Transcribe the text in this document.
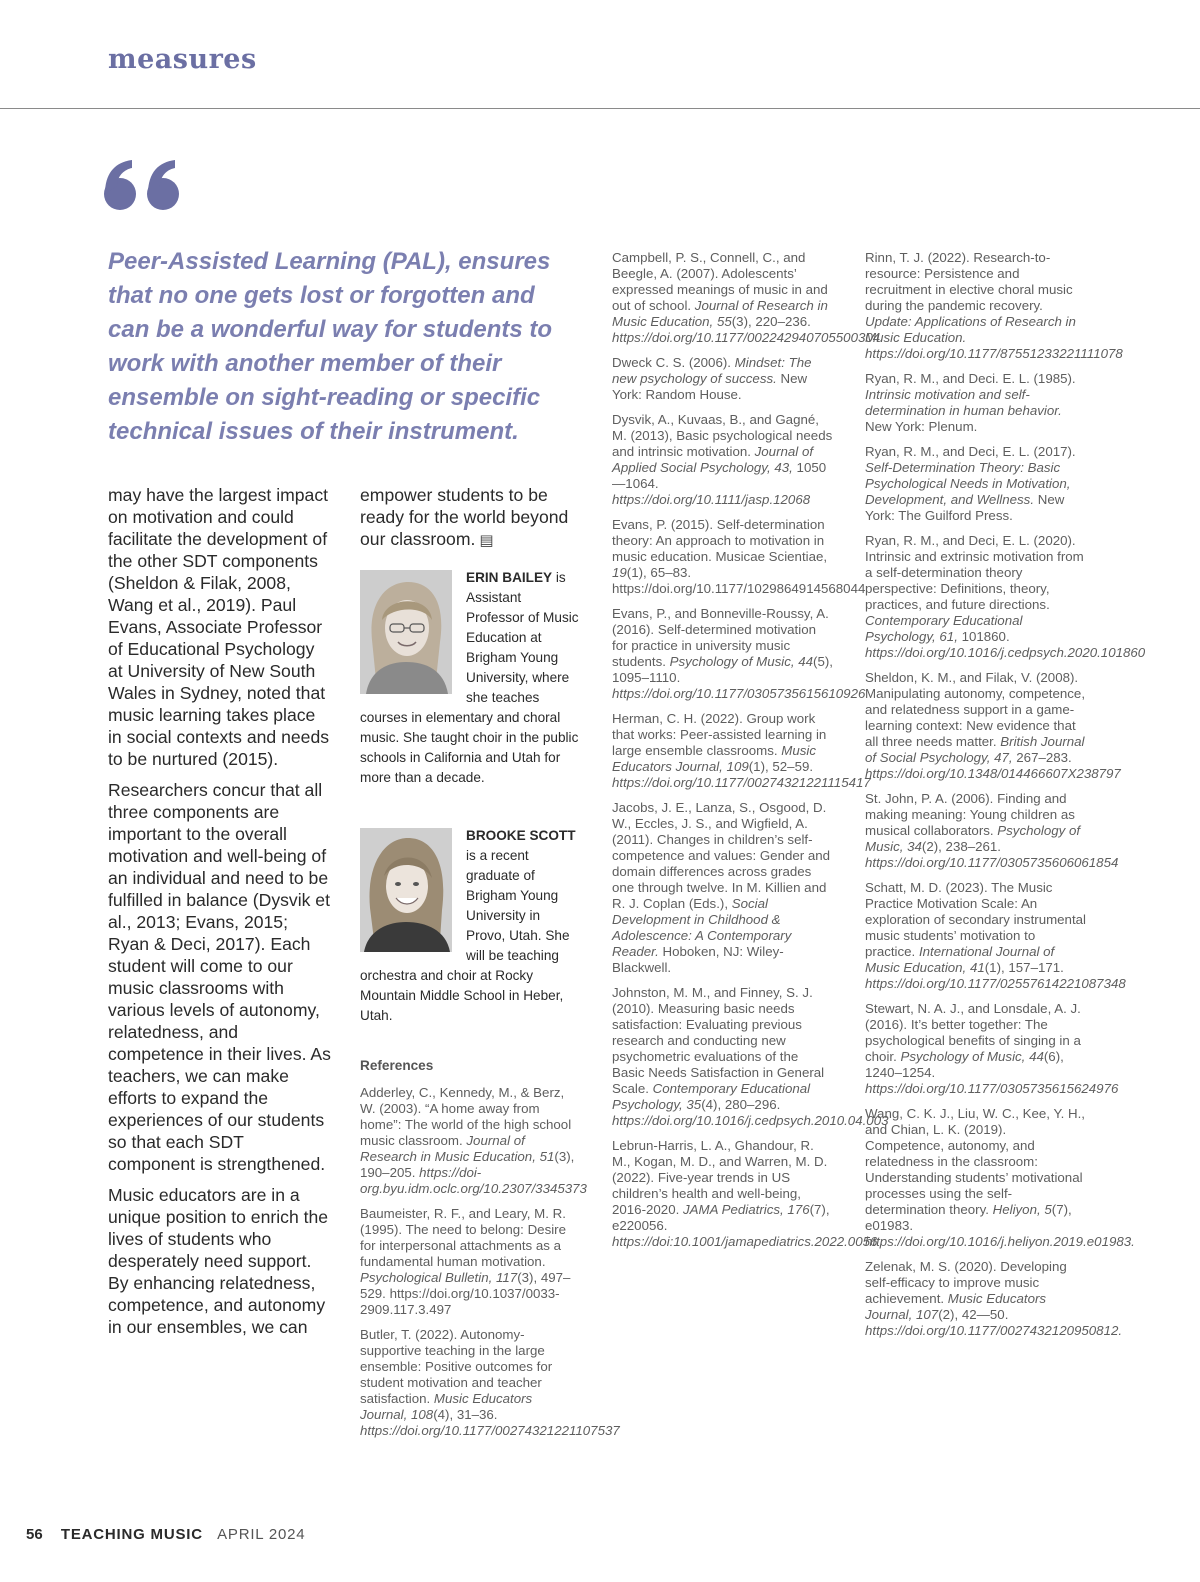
measures

Peer-Assisted Learning (PAL), ensures that no one gets lost or forgotten and can be a wonderful way for students to work with another member of their ensemble on sight-reading or specific technical issues of their instrument.

may have the largest impact on motivation and could facilitate the development of the other SDT components (Sheldon & Filak, 2008, Wang et al., 2019). Paul Evans, Associate Professor of Educational Psychology at University of New South Wales in Sydney, noted that music learning takes place in social contexts and needs to be nurtured (2015).

Researchers concur that all three components are important to the overall motivation and well-being of an individual and need to be fulfilled in balance (Dysvik et al., 2013; Evans, 2015; Ryan & Deci, 2017). Each student will come to our music classrooms with various levels of autonomy, relatedness, and competence in their lives. As teachers, we can make efforts to expand the experiences of our students so that each SDT component is strengthened.

Music educators are in a unique position to enrich the lives of students who desperately need support. By enhancing relatedness, competence, and autonomy in our ensembles, we can

empower students to be ready for the world beyond our classroom. ▤

ERIN BAILEY is Assistant Professor of Music Education at Brigham Young University, where she teaches courses in elementary and choral music. She taught choir in the public schools in California and Utah for more than a decade.
BROOKE SCOTT is a recent graduate of Brigham Young University in Provo, Utah. She will be teaching orchestra and choir at Rocky Mountain Middle School in Heber, Utah.
References

Adderley, C., Kennedy, M., & Berz, W. (2003). “A home away from home”: The world of the high school music classroom. Journal of Research in Music Education, 51(3), 190–205. https://doi-org.byu.idm.oclc.org/10.2307/3345373

Baumeister, R. F., and Leary, M. R. (1995). The need to belong: Desire for interpersonal attachments as a fundamental human motivation. Psychological Bulletin, 117(3), 497–529. https://doi.org/10.1037/0033-2909.117.3.497

Butler, T. (2022). Autonomy-supportive teaching in the large ensemble: Positive outcomes for student motivation and teacher satisfaction. Music Educators Journal, 108(4), 31–36. https://doi.org/10.1177/00274321221107537

Campbell, P. S., Connell, C., and Beegle, A. (2007). Adolescents’ expressed meanings of music in and out of school. Journal of Research in Music Education, 55(3), 220–236. https://doi.org/10.1177/002242940705500304

Dweck C. S. (2006). Mindset: The new psychology of success. New York: Random House.

Dysvik, A., Kuvaas, B., and Gagné, M. (2013), Basic psychological needs and intrinsic motivation. Journal of Applied Social Psychology, 43, 1050—1064. https://doi.org/10.1111/jasp.12068

Evans, P. (2015). Self-determination theory: An approach to motivation in music education. Musicae Scientiae, 19(1), 65–83. https://doi.org/10.1177/1029864914568044

Evans, P., and Bonneville-Roussy, A. (2016). Self-determined motivation for practice in university music students. Psychology of Music, 44(5), 1095–1110. https://doi.org/10.1177/0305735615610926

Herman, C. H. (2022). Group work that works: Peer-assisted learning in large ensemble classrooms. Music Educators Journal, 109(1), 52–59. https://doi.org/10.1177/00274321221115417

Jacobs, J. E., Lanza, S., Osgood, D. W., Eccles, J. S., and Wigfield, A. (2011). Changes in children’s self-competence and values: Gender and domain differences across grades one through twelve. In M. Killien and R. J. Coplan (Eds.), Social Development in Childhood & Adolescence: A Contemporary Reader. Hoboken, NJ: Wiley-Blackwell.

Johnston, M. M., and Finney, S. J. (2010). Measuring basic needs satisfaction: Evaluating previous research and conducting new psychometric evaluations of the Basic Needs Satisfaction in General Scale. Contemporary Educational Psychology, 35(4), 280–296. https://doi.org/10.1016/j.cedpsych.2010.04.003

Lebrun-Harris, L. A., Ghandour, R. M., Kogan, M. D., and Warren, M. D. (2022). Five-year trends in US children’s health and well-being, 2016-2020. JAMA Pediatrics, 176(7), e220056. https://doi:10.1001/jamapediatrics.2022.0056

Rinn, T. J. (2022). Research-to-resource: Persistence and recruitment in elective choral music during the pandemic recovery. Update: Applications of Research in Music Education. https://doi.org/10.1177/87551233221111078

Ryan, R. M., and Deci. E. L. (1985). Intrinsic motivation and self-determination in human behavior. New York: Plenum.

Ryan, R. M., and Deci, E. L. (2017). Self-Determination Theory: Basic Psychological Needs in Motivation, Development, and Wellness. New York: The Guilford Press.

Ryan, R. M., and Deci, E. L. (2020). Intrinsic and extrinsic motivation from a self-determination theory perspective: Definitions, theory, practices, and future directions. Contemporary Educational Psychology, 61, 101860. https://doi.org/10.1016/j.cedpsych.2020.101860

Sheldon, K. M., and Filak, V. (2008). Manipulating autonomy, competence, and relatedness support in a game-learning context: New evidence that all three needs matter. British Journal of Social Psychology, 47, 267–283. https://doi.org/10.1348/014466607X238797

St. John, P. A. (2006). Finding and making meaning: Young children as musical collaborators. Psychology of Music, 34(2), 238–261. https://doi.org/10.1177/0305735606061854

Schatt, M. D. (2023). The Music Practice Motivation Scale: An exploration of secondary instrumental music students’ motivation to practice. International Journal of Music Education, 41(1), 157–171. https://doi.org/10.1177/02557614221087348

Stewart, N. A. J., and Lonsdale, A. J. (2016). It’s better together: The psychological benefits of singing in a choir. Psychology of Music, 44(6), 1240–1254. https://doi.org/10.1177/0305735615624976

Wang, C. K. J., Liu, W. C., Kee, Y. H., and Chian, L. K. (2019). Competence, autonomy, and relatedness in the classroom: Understanding students’ motivational processes using the self-determination theory. Heliyon, 5(7), e01983. https://doi.org/10.1016/j.heliyon.2019.e01983.

Zelenak, M. S. (2020). Developing self-efficacy to improve music achievement. Music Educators Journal, 107(2), 42—50. https://doi.org/10.1177/0027432120950812.

56 TEACHING MUSIC APRIL 2024
